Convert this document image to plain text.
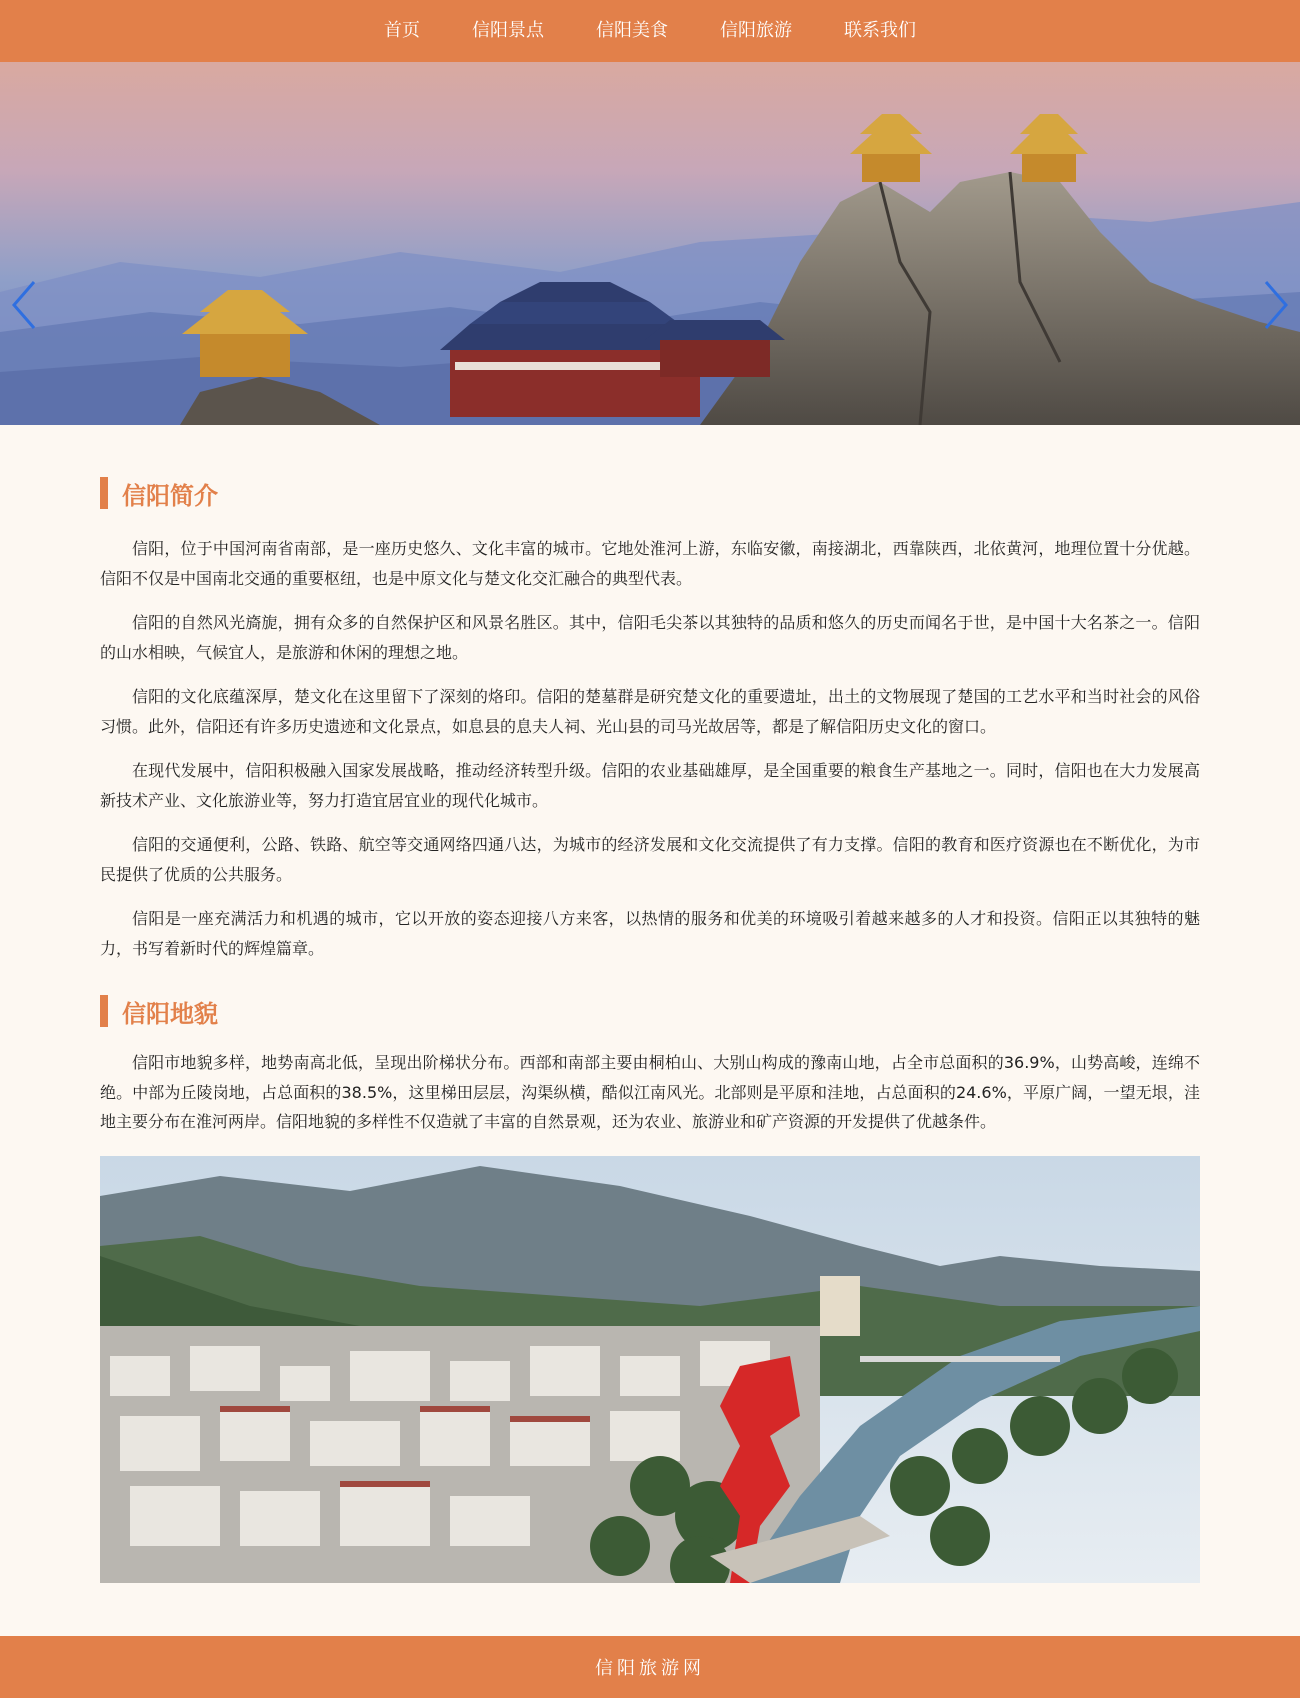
首页	信阳景点	信阳美食	信阳旅游	联系我们
信阳简介

信阳，位于中国河南省南部，是一座历史悠久、文化丰富的城市。它地处淮河上游，东临安徽，南接湖北，西靠陕西，北依黄河，地理位置十分优越。信阳不仅是中国南北交通的重要枢纽，也是中原文化与楚文化交汇融合的典型代表。

信阳的自然风光旖旎，拥有众多的自然保护区和风景名胜区。其中，信阳毛尖茶以其独特的品质和悠久的历史而闻名于世，是中国十大名茶之一。信阳的山水相映，气候宜人，是旅游和休闲的理想之地。

信阳的文化底蕴深厚，楚文化在这里留下了深刻的烙印。信阳的楚墓群是研究楚文化的重要遗址，出土的文物展现了楚国的工艺水平和当时社会的风俗习惯。此外，信阳还有许多历史遗迹和文化景点，如息县的息夫人祠、光山县的司马光故居等，都是了解信阳历史文化的窗口。

在现代发展中，信阳积极融入国家发展战略，推动经济转型升级。信阳的农业基础雄厚，是全国重要的粮食生产基地之一。同时，信阳也在大力发展高新技术产业、文化旅游业等，努力打造宜居宜业的现代化城市。

信阳的交通便利，公路、铁路、航空等交通网络四通八达，为城市的经济发展和文化交流提供了有力支撑。信阳的教育和医疗资源也在不断优化，为市民提供了优质的公共服务。

信阳是一座充满活力和机遇的城市，它以开放的姿态迎接八方来客，以热情的服务和优美的环境吸引着越来越多的人才和投资。信阳正以其独特的魅力，书写着新时代的辉煌篇章。

信阳地貌

信阳市地貌多样，地势南高北低，呈现出阶梯状分布。西部和南部主要由桐柏山、大别山构成的豫南山地，占全市总面积的36.9%，山势高峻，连绵不绝。中部为丘陵岗地，占总面积的38.5%，这里梯田层层，沟渠纵横，酷似江南风光。北部则是平原和洼地，占总面积的24.6%，平原广阔，一望无垠，洼地主要分布在淮河两岸。信阳地貌的多样性不仅造就了丰富的自然景观，还为农业、旅游业和矿产资源的开发提供了优越条件。

信阳旅游网
